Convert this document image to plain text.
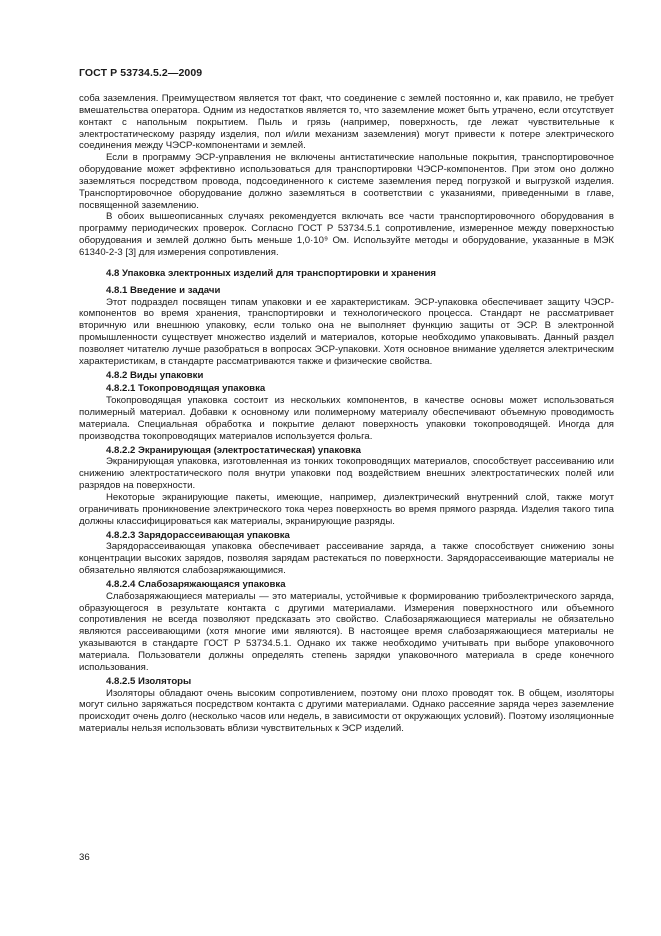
ГОСТ Р 53734.5.2—2009

соба заземления. Преимуществом является тот факт, что соединение с землей постоянно и, как правило, не требует вмешательства оператора. Одним из недостатков является то, что заземление может быть утрачено, если отсутствует контакт с напольным покрытием. Пыль и грязь (например, поверхность, где лежат чувствительные к электростатическому разряду изделия, пол и/или механизм заземления) могут привести к потере электрического соединения между ЧЭСР-компонентами и землей.

Если в программу ЭСР-управления не включены антистатические напольные покрытия, транспортировочное оборудование может эффективно использоваться для транспортировки ЧЭСР-компонентов. При этом оно должно заземляться посредством провода, подсоединенного к системе заземления перед погрузкой и выгрузкой изделия. Транспортировочное оборудование должно заземляться в соответствии с указаниями, приведенными в главе, посвященной заземлению.

В обоих вышеописанных случаях рекомендуется включать все части транспортировочного оборудования в программу периодических проверок. Согласно ГОСТ Р 53734.5.1 сопротивление, измеренное между поверхностью оборудования и землей должно быть меньше 1,0·10⁹ Ом. Используйте методы и оборудование, указанные в МЭК 61340-2-3 [3] для измерения сопротивления.

4.8 Упаковка электронных изделий для транспортировки и хранения

4.8.1 Введение и задачи

Этот подраздел посвящен типам упаковки и ее характеристикам. ЭСР-упаковка обеспечивает защиту ЧЭСР-компонентов во время хранения, транспортировки и технологического процесса. Стандарт не рассматривает вторичную или внешнюю упаковку, если только она не выполняет функцию защиты от ЭСР. В электронной промышленности существует множество изделий и материалов, которые необходимо упаковывать. Данный раздел позволяет читателю лучше разобраться в вопросах ЭСР-упаковки. Хотя основное внимание уделяется электрическим характеристикам, в стандарте рассматриваются также и физические свойства.

4.8.2 Виды упаковки

4.8.2.1 Токопроводящая упаковка

Токопроводящая упаковка состоит из нескольких компонентов, в качестве основы может использоваться полимерный материал. Добавки к основному или полимерному материалу обеспечивают объемную проводимость материала. Специальная обработка и покрытие делают поверхность упаковки токопроводящей. Иногда для производства токопроводящих материалов используется фольга.

4.8.2.2 Экранирующая (электростатическая) упаковка

Экранирующая упаковка, изготовленная из тонких токопроводящих материалов, способствует рассеиванию или снижению электростатического поля внутри упаковки под воздействием внешних электростатических полей или разрядов на поверхности.

Некоторые экранирующие пакеты, имеющие, например, диэлектрический внутренний слой, также могут ограничивать проникновение электрического тока через поверхность во время прямого разряда. Изделия такого типа должны классифицироваться как материалы, экранирующие разряды.

4.8.2.3 Зарядорассеивающая упаковка

Зарядорассеивающая упаковка обеспечивает рассеивание заряда, а также способствует снижению зоны концентрации высоких зарядов, позволяя зарядам растекаться по поверхности. Зарядорассеивающие материалы не обязательно являются слабозаряжающимися.

4.8.2.4 Слабозаряжающаяся упаковка

Слабозаряжающиеся материалы — это материалы, устойчивые к формированию трибоэлектрического заряда, образующегося в результате контакта с другими материалами. Измерения поверхностного или объемного сопротивления не всегда позволяют предсказать это свойство. Слабозаряжающиеся материалы не обязательно являются рассеивающими (хотя многие ими являются). В настоящее время слабозаряжающиеся материалы не указываются в стандарте ГОСТ Р 53734.5.1. Однако их также необходимо учитывать при выборе упаковочного материала. Пользователи должны определять степень зарядки упаковочного материала в среде конечного использования.

4.8.2.5 Изоляторы

Изоляторы обладают очень высоким сопротивлением, поэтому они плохо проводят ток. В общем, изоляторы могут сильно заряжаться посредством контакта с другими материалами. Однако рассеяние заряда через заземление происходит очень долго (несколько часов или недель, в зависимости от окружающих условий). Поэтому изоляционные материалы нельзя использовать вблизи чувствительных к ЭСР изделий.

36
